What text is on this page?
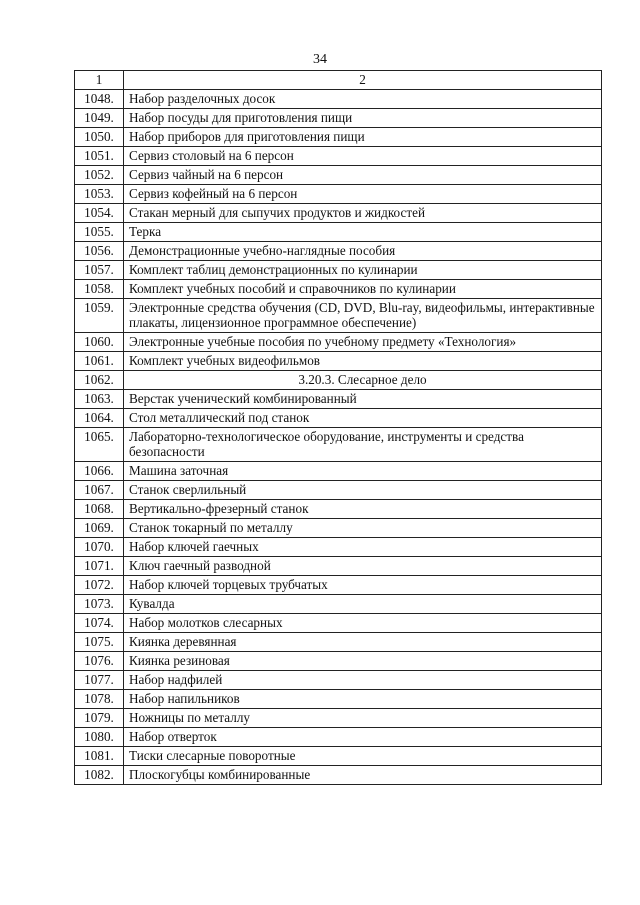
34
1	2
1048.	Набор разделочных досок
1049.	Набор посуды для приготовления пищи
1050.	Набор приборов для приготовления пищи
1051.	Сервиз столовый на 6 персон
1052.	Сервиз чайный на 6 персон
1053.	Сервиз кофейный на 6 персон
1054.	Стакан мерный для сыпучих продуктов и жидкостей
1055.	Терка
1056.	Демонстрационные учебно-наглядные пособия
1057.	Комплект таблиц демонстрационных по кулинарии
1058.	Комплект учебных пособий и справочников по кулинарии
1059.	Электронные средства обучения (CD, DVD, Blu-ray, видеофильмы, интерактивные плакаты, лицензионное программное обеспечение)
1060.	Электронные учебные пособия по учебному предмету «Технология»
1061.	Комплект учебных видеофильмов
1062.	3.20.3. Слесарное дело
1063.	Верстак ученический комбинированный
1064.	Стол металлический под станок
1065.	Лабораторно-технологическое оборудование, инструменты и средства безопасности
1066.	Машина заточная
1067.	Станок сверлильный
1068.	Вертикально-фрезерный станок
1069.	Станок токарный по металлу
1070.	Набор ключей гаечных
1071.	Ключ гаечный разводной
1072.	Набор ключей торцевых трубчатых
1073.	Кувалда
1074.	Набор молотков слесарных
1075.	Киянка деревянная
1076.	Киянка резиновая
1077.	Набор надфилей
1078.	Набор напильников
1079.	Ножницы по металлу
1080.	Набор отверток
1081.	Тиски слесарные поворотные
1082.	Плоскогубцы комбинированные
